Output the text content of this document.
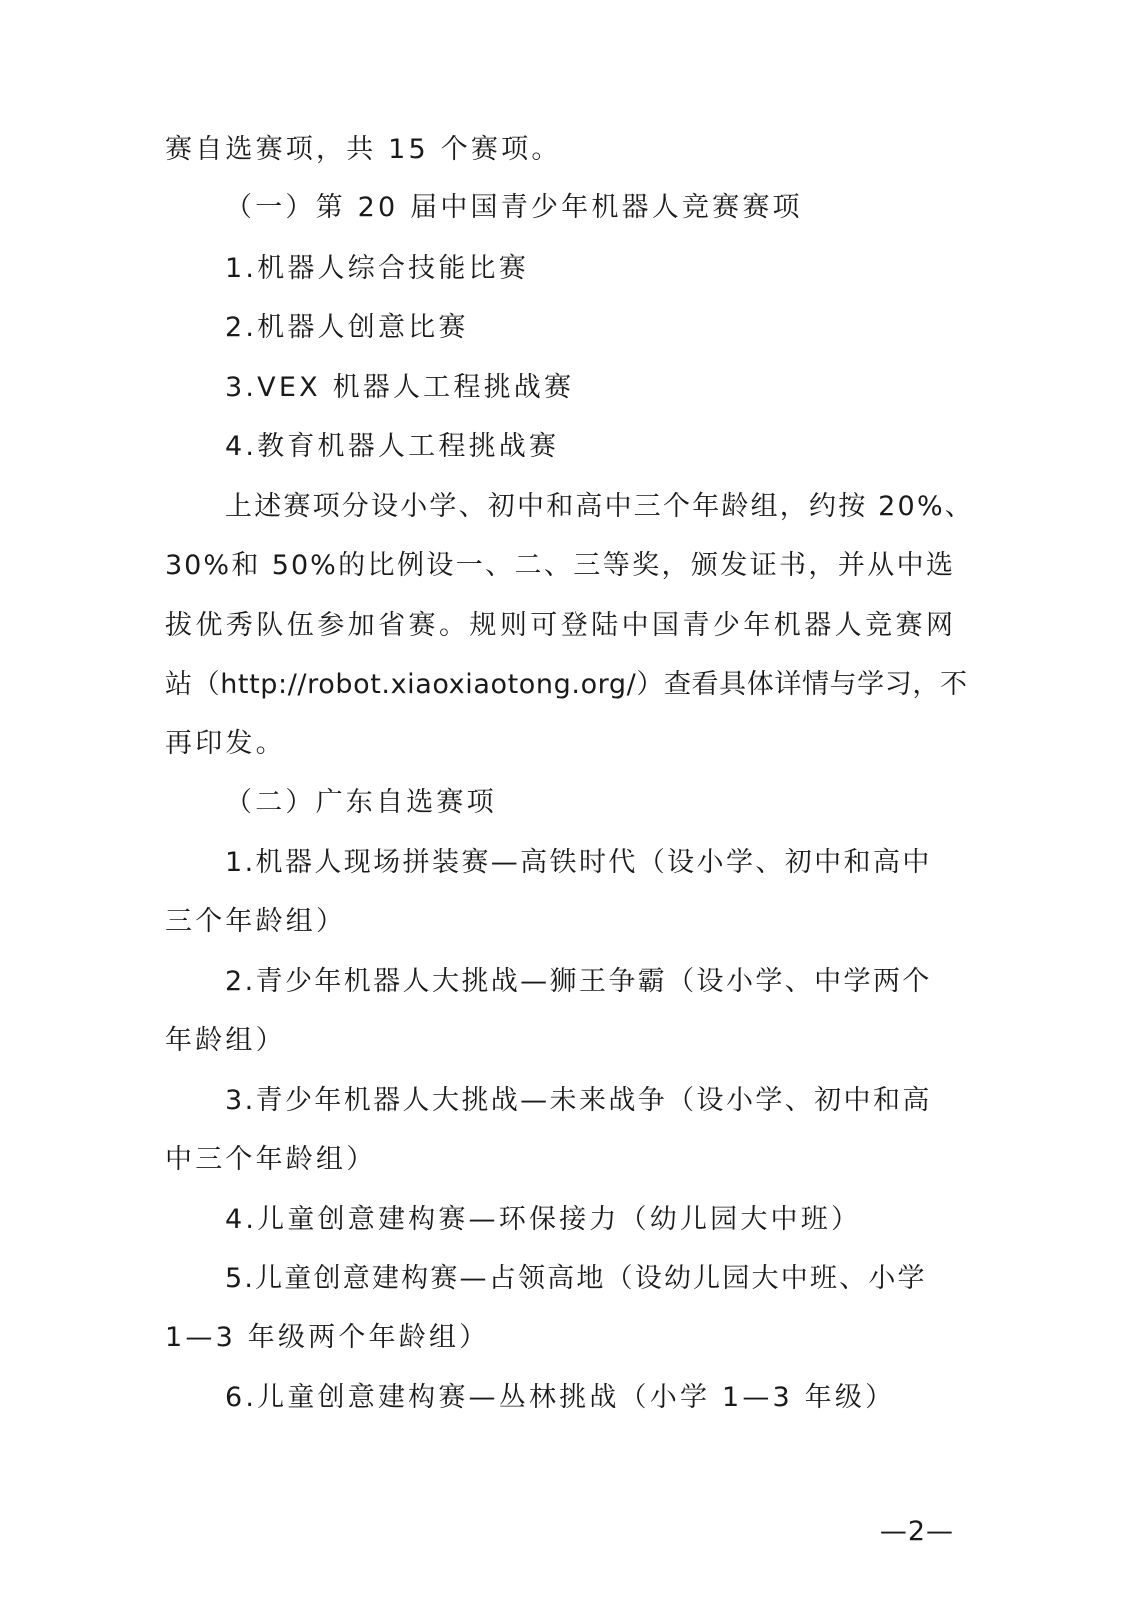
赛自选赛项，共 15 个赛项。
（一）第 20 届中国青少年机器人竞赛赛项
1.机器人综合技能比赛
2.机器人创意比赛
3.VEX 机器人工程挑战赛
4.教育机器人工程挑战赛
上述赛项分设小学、初中和高中三个年龄组，约按 20%、
30%和 50%的比例设一、二、三等奖，颁发证书，并从中选
拔优秀队伍参加省赛。规则可登陆中国青少年机器人竞赛网
站（http://robot.xiaoxiaotong.org/）查看具体详情与学习，不
再印发。
（二）广东自选赛项
1.机器人现场拼装赛—高铁时代（设小学、初中和高中
三个年龄组）
2.青少年机器人大挑战—狮王争霸（设小学、中学两个
年龄组）
3.青少年机器人大挑战—未来战争（设小学、初中和高
中三个年龄组）
4.儿童创意建构赛—环保接力（幼儿园大中班）
5.儿童创意建构赛—占领高地（设幼儿园大中班、小学
1—3 年级两个年龄组）
6.儿童创意建构赛—丛林挑战（小学 1—3 年级）
—2—
